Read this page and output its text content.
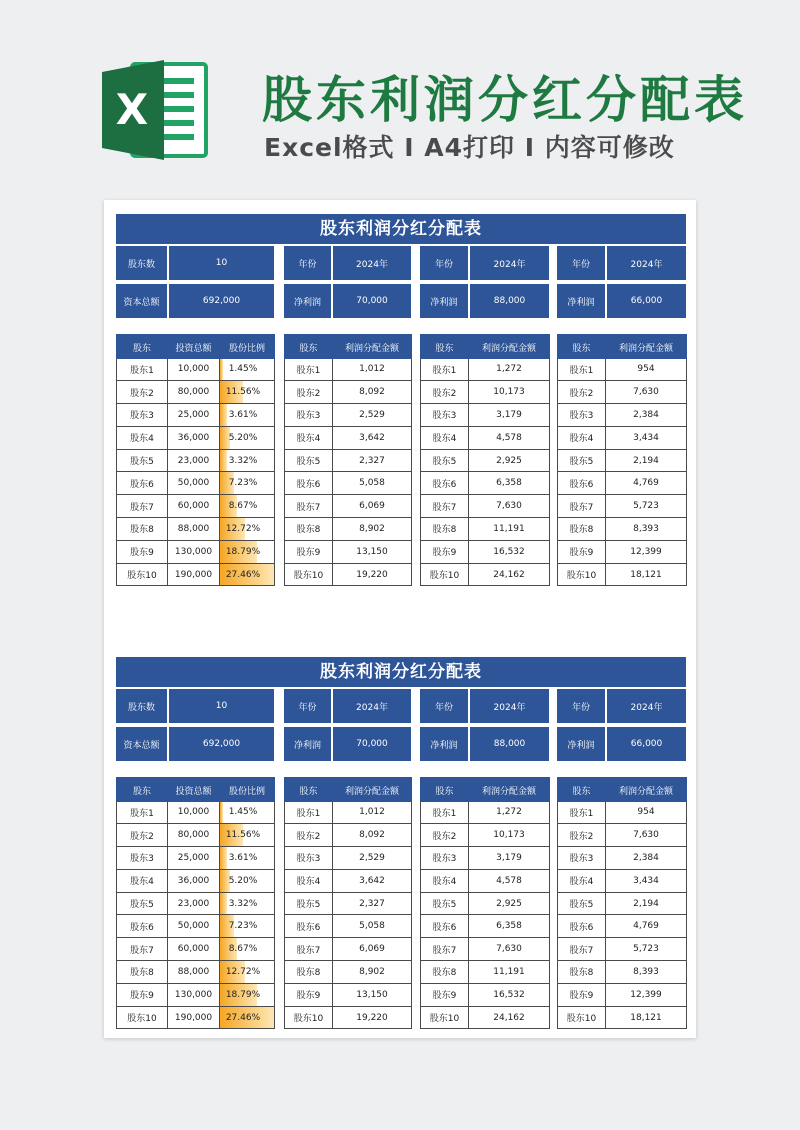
X 股东利润分红分配表
Excel格式 I A4打印 I 内容可修改
股东利润分红分配表
股东数	10
资本总额	692,000
年份	2024年
净利润	70,000
年份	2024年
净利润	88,000
年份	2024年
净利润	66,000
股东	投资总额	股份比例
股东1	10,000	1.45%
股东2	80,000	11.56%
股东3	25,000	3.61%
股东4	36,000	5.20%
股东5	23,000	3.32%
股东6	50,000	7.23%
股东7	60,000	8.67%
股东8	88,000	12.72%
股东9	130,000	18.79%
股东10	190,000	27.46%
股东	利润分配金额
股东1	1,012
股东2	8,092
股东3	2,529
股东4	3,642
股东5	2,327
股东6	5,058
股东7	6,069
股东8	8,902
股东9	13,150
股东10	19,220
股东	利润分配金额
股东1	1,272
股东2	10,173
股东3	3,179
股东4	4,578
股东5	2,925
股东6	6,358
股东7	7,630
股东8	11,191
股东9	16,532
股东10	24,162
股东	利润分配金额
股东1	954
股东2	7,630
股东3	2,384
股东4	3,434
股东5	2,194
股东6	4,769
股东7	5,723
股东8	8,393
股东9	12,399
股东10	18,121
股东利润分红分配表
股东数	10
资本总额	692,000
年份	2024年
净利润	70,000
年份	2024年
净利润	88,000
年份	2024年
净利润	66,000
股东	投资总额	股份比例
股东1	10,000	1.45%
股东2	80,000	11.56%
股东3	25,000	3.61%
股东4	36,000	5.20%
股东5	23,000	3.32%
股东6	50,000	7.23%
股东7	60,000	8.67%
股东8	88,000	12.72%
股东9	130,000	18.79%
股东10	190,000	27.46%
股东	利润分配金额
股东1	1,012
股东2	8,092
股东3	2,529
股东4	3,642
股东5	2,327
股东6	5,058
股东7	6,069
股东8	8,902
股东9	13,150
股东10	19,220
股东	利润分配金额
股东1	1,272
股东2	10,173
股东3	3,179
股东4	4,578
股东5	2,925
股东6	6,358
股东7	7,630
股东8	11,191
股东9	16,532
股东10	24,162
股东	利润分配金额
股东1	954
股东2	7,630
股东3	2,384
股东4	3,434
股东5	2,194
股东6	4,769
股东7	5,723
股东8	8,393
股东9	12,399
股东10	18,121
